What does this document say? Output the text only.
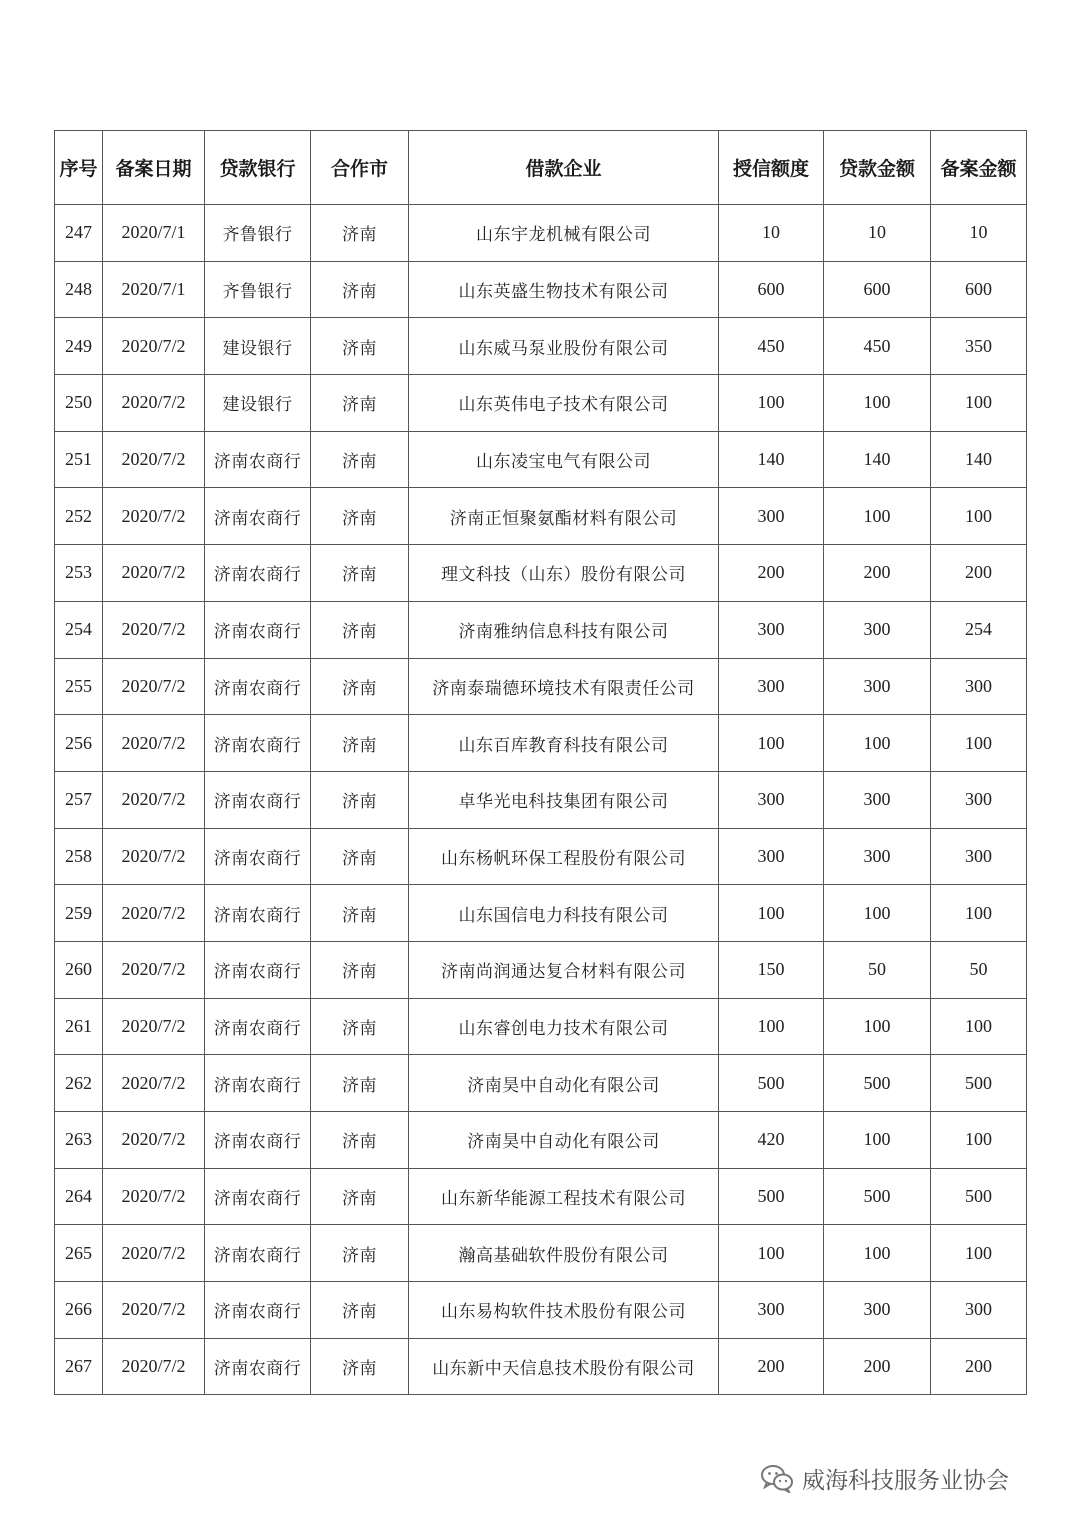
序号	备案日期	贷款银行	合作市	借款企业	授信额度	贷款金额	备案金额
247	2020/7/1	齐鲁银行	济南	山东宇龙机械有限公司	10	10	10
248	2020/7/1	齐鲁银行	济南	山东英盛生物技术有限公司	600	600	600
249	2020/7/2	建设银行	济南	山东威马泵业股份有限公司	450	450	350
250	2020/7/2	建设银行	济南	山东英伟电子技术有限公司	100	100	100
251	2020/7/2	济南农商行	济南	山东凌宝电气有限公司	140	140	140
252	2020/7/2	济南农商行	济南	济南正恒聚氨酯材料有限公司	300	100	100
253	2020/7/2	济南农商行	济南	理文科技（山东）股份有限公司	200	200	200
254	2020/7/2	济南农商行	济南	济南雅纳信息科技有限公司	300	300	254
255	2020/7/2	济南农商行	济南	济南泰瑞德环境技术有限责任公司	300	300	300
256	2020/7/2	济南农商行	济南	山东百库教育科技有限公司	100	100	100
257	2020/7/2	济南农商行	济南	卓华光电科技集团有限公司	300	300	300
258	2020/7/2	济南农商行	济南	山东杨帆环保工程股份有限公司	300	300	300
259	2020/7/2	济南农商行	济南	山东国信电力科技有限公司	100	100	100
260	2020/7/2	济南农商行	济南	济南尚润通达复合材料有限公司	150	50	50
261	2020/7/2	济南农商行	济南	山东睿创电力技术有限公司	100	100	100
262	2020/7/2	济南农商行	济南	济南昊中自动化有限公司	500	500	500
263	2020/7/2	济南农商行	济南	济南昊中自动化有限公司	420	100	100
264	2020/7/2	济南农商行	济南	山东新华能源工程技术有限公司	500	500	500
265	2020/7/2	济南农商行	济南	瀚高基础软件股份有限公司	100	100	100
266	2020/7/2	济南农商行	济南	山东易构软件技术股份有限公司	300	300	300
267	2020/7/2	济南农商行	济南	山东新中天信息技术股份有限公司	200	200	200
威海科技服务业协会
